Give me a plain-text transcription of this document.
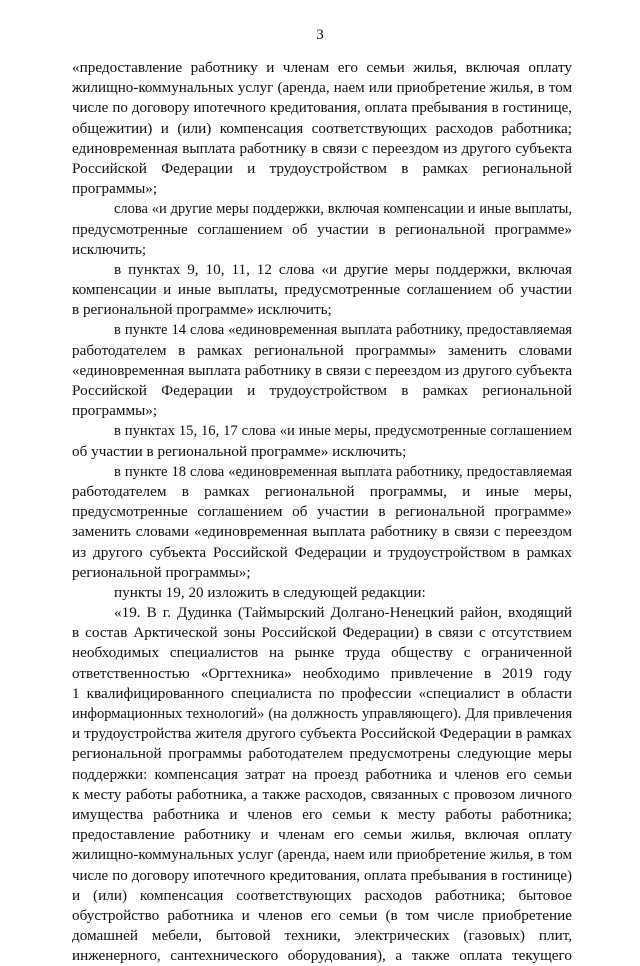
3
«предоставление работнику и членам его семьи жилья, включая оплату
жилищно-коммунальных услуг (аренда, наем или приобретение жилья, в том
числе по договору ипотечного кредитования, оплата пребывания в гостинице,
общежитии) и (или) компенсация соответствующих расходов работника;
единовременная выплата работнику в связи с переездом из другого субъекта
Российской Федерации и трудоустройством в рамках региональной
программы»;
слова «и другие меры поддержки, включая компенсации и иные выплаты,
предусмотренные соглашением об участии в региональной программе»
исключить;
в пунктах 9, 10, 11, 12 слова «и другие меры поддержки, включая
компенсации и иные выплаты, предусмотренные соглашением об участии
в региональной программе» исключить;
в пункте 14 слова «единовременная выплата работнику, предоставляемая
работодателем в рамках региональной программы» заменить словами
«единовременная выплата работнику в связи с переездом из другого субъекта
Российской Федерации и трудоустройством в рамках региональной
программы»;
в пунктах 15, 16, 17 слова «и иные меры, предусмотренные соглашением
об участии в региональной программе» исключить;
в пункте 18 слова «единовременная выплата работнику, предоставляемая
работодателем в рамках региональной программы, и иные меры,
предусмотренные соглашением об участии в региональной программе»
заменить словами «единовременная выплата работнику в связи с переездом
из другого субъекта Российской Федерации и трудоустройством в рамках
региональной программы»;
пункты 19, 20 изложить в следующей редакции:
«19. В г. Дудинка (Таймырский Долгано-Ненецкий район, входящий
в состав Арктической зоны Российской Федерации) в связи с отсутствием
необходимых специалистов на рынке труда обществу с ограниченной
ответственностью «Оргтехника» необходимо привлечение в 2019 году
1 квалифицированного специалиста по профессии «специалист в области
информационных технологий» (на должность управляющего). Для привлечения
и трудоустройства жителя другого субъекта Российской Федерации в рамках
региональной программы работодателем предусмотрены следующие меры
поддержки: компенсация затрат на проезд работника и членов его семьи
к месту работы работника, а также расходов, связанных с провозом личного
имущества работника и членов его семьи к месту работы работника;
предоставление работнику и членам его семьи жилья, включая оплату
жилищно-коммунальных услуг (аренда, наем или приобретение жилья, в том
числе по договору ипотечного кредитования, оплата пребывания в гостинице)
и (или) компенсация соответствующих расходов работника; бытовое
обустройство работника и членов его семьи (в том числе приобретение
домашней мебели, бытовой техники, электрических (газовых) плит,
инженерного, сантехнического оборудования), а также оплата текущего
